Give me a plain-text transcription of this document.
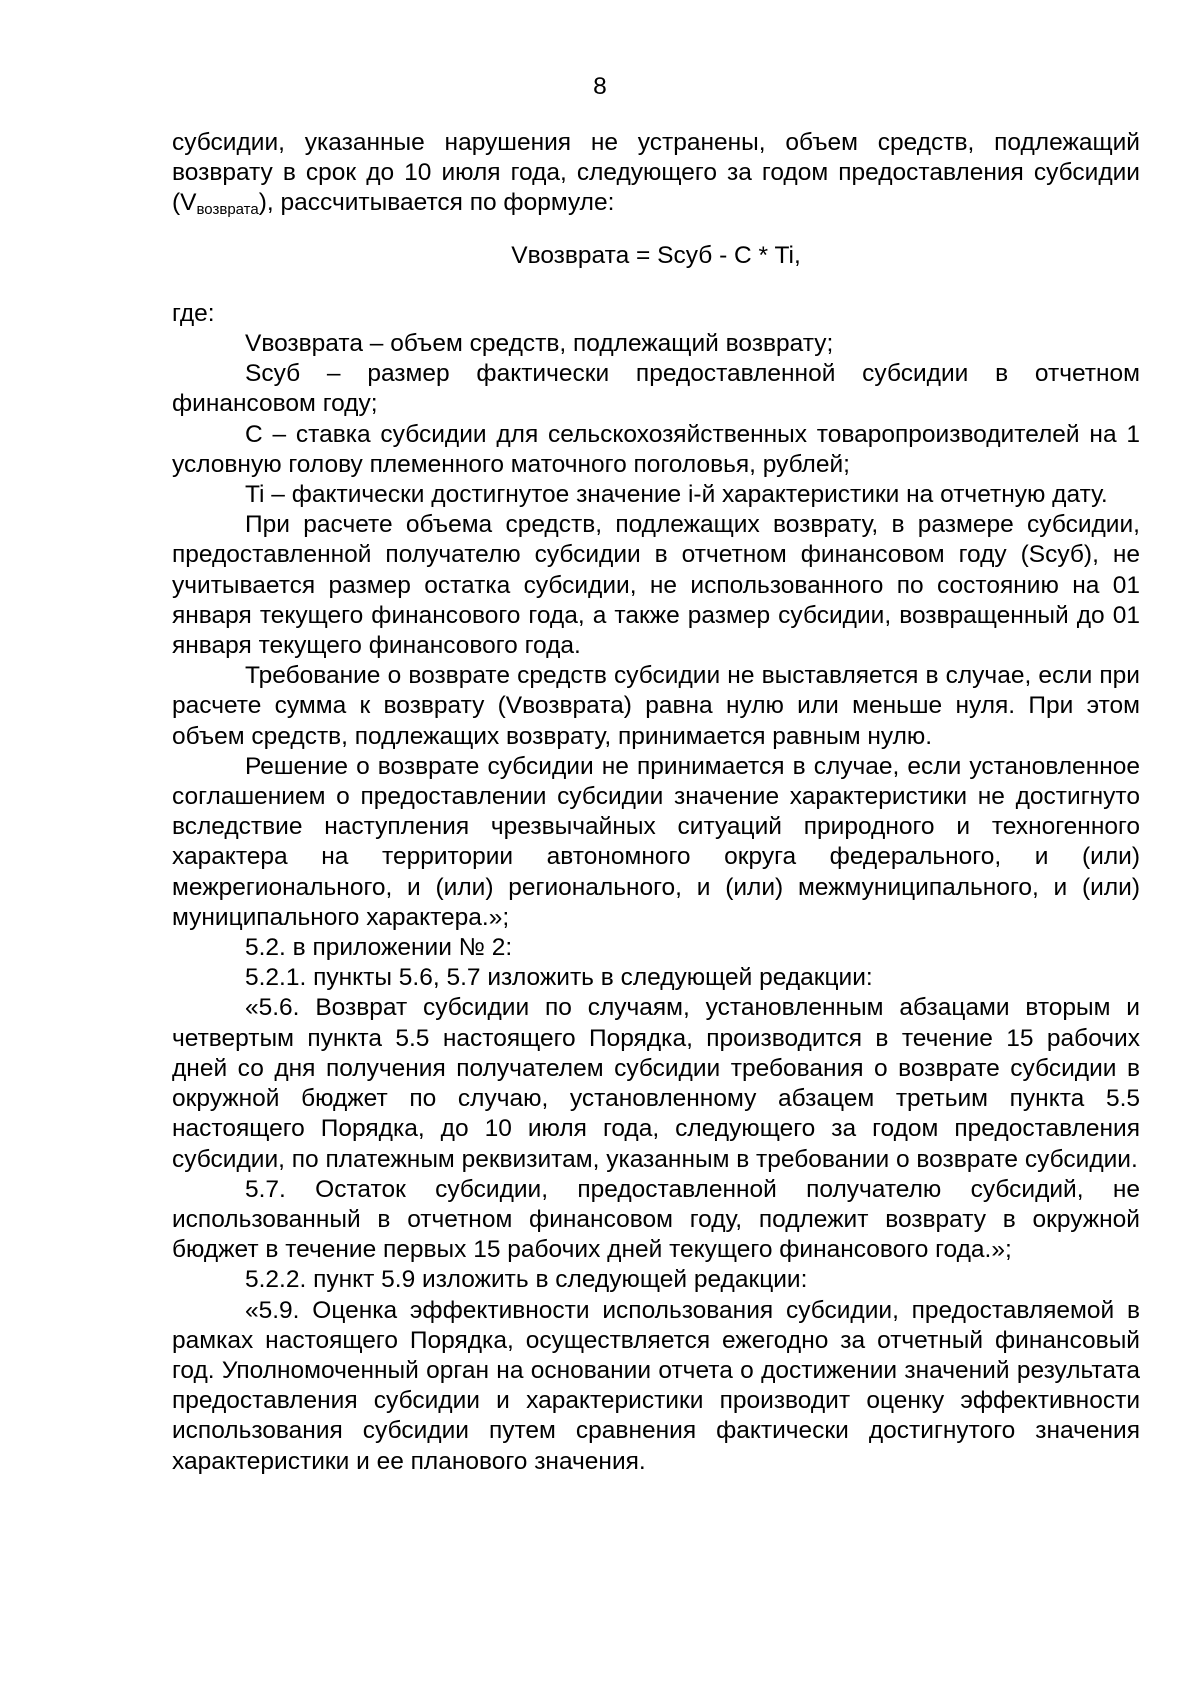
8

субсидии, указанные нарушения не устранены, объем средств, подлежащий возврату в срок до 10 июля года, следующего за годом предоставления субсидии $(V_{возврата})$, рассчитывается по формуле:

Vвозврата = Sсуб - C * Ti,

где:

Vвозврата – объем средств, подлежащий возврату;

Sсуб – размер фактически предоставленной субсидии в отчетном финансовом году;

C – ставка субсидии для сельскохозяйственных товаропроизводителей на 1 условную голову племенного маточного поголовья, рублей;

Ti – фактически достигнутое значение i-й характеристики на отчетную дату.

При расчете объема средств, подлежащих возврату, в размере субсидии, предоставленной получателю субсидии в отчетном финансовом году (Sсуб), не учитывается размер остатка субсидии, не использованного по состоянию на 01 января текущего финансового года, а также размер субсидии, возвращенный до 01 января текущего финансового года.

Требование о возврате средств субсидии не выставляется в случае, если при расчете сумма к возврату (Vвозврата) равна нулю или меньше нуля. При этом объем средств, подлежащих возврату, принимается равным нулю.

Решение о возврате субсидии не принимается в случае, если установленное соглашением о предоставлении субсидии значение характеристики не достигнуто вследствие наступления чрезвычайных ситуаций природного и техногенного характера на территории автономного округа федерального, и (или) межрегионального, и (или) регионального, и (или) межмуниципального, и (или) муниципального характера.»;

5.2. в приложении № 2:

5.2.1. пункты 5.6, 5.7 изложить в следующей редакции:

«5.6. Возврат субсидии по случаям, установленным абзацами вторым и четвертым пункта 5.5 настоящего Порядка, производится в течение 15 рабочих дней со дня получения получателем субсидии требования о возврате субсидии в окружной бюджет по случаю, установленному абзацем третьим пункта 5.5 настоящего Порядка, до 10 июля года, следующего за годом предоставления субсидии, по платежным реквизитам, указанным в требовании о возврате субсидии.

5.7. Остаток субсидии, предоставленной получателю субсидий, не использованный в отчетном финансовом году, подлежит возврату в окружной бюджет в течение первых 15 рабочих дней текущего финансового года.»;

5.2.2. пункт 5.9 изложить в следующей редакции:

«5.9. Оценка эффективности использования субсидии, предоставляемой в рамках настоящего Порядка, осуществляется ежегодно за отчетный финансовый год. Уполномоченный орган на основании отчета о достижении значений результата предоставления субсидии и характеристики производит оценку эффективности использования субсидии путем сравнения фактически достигнутого значения характеристики и ее планового значения.
